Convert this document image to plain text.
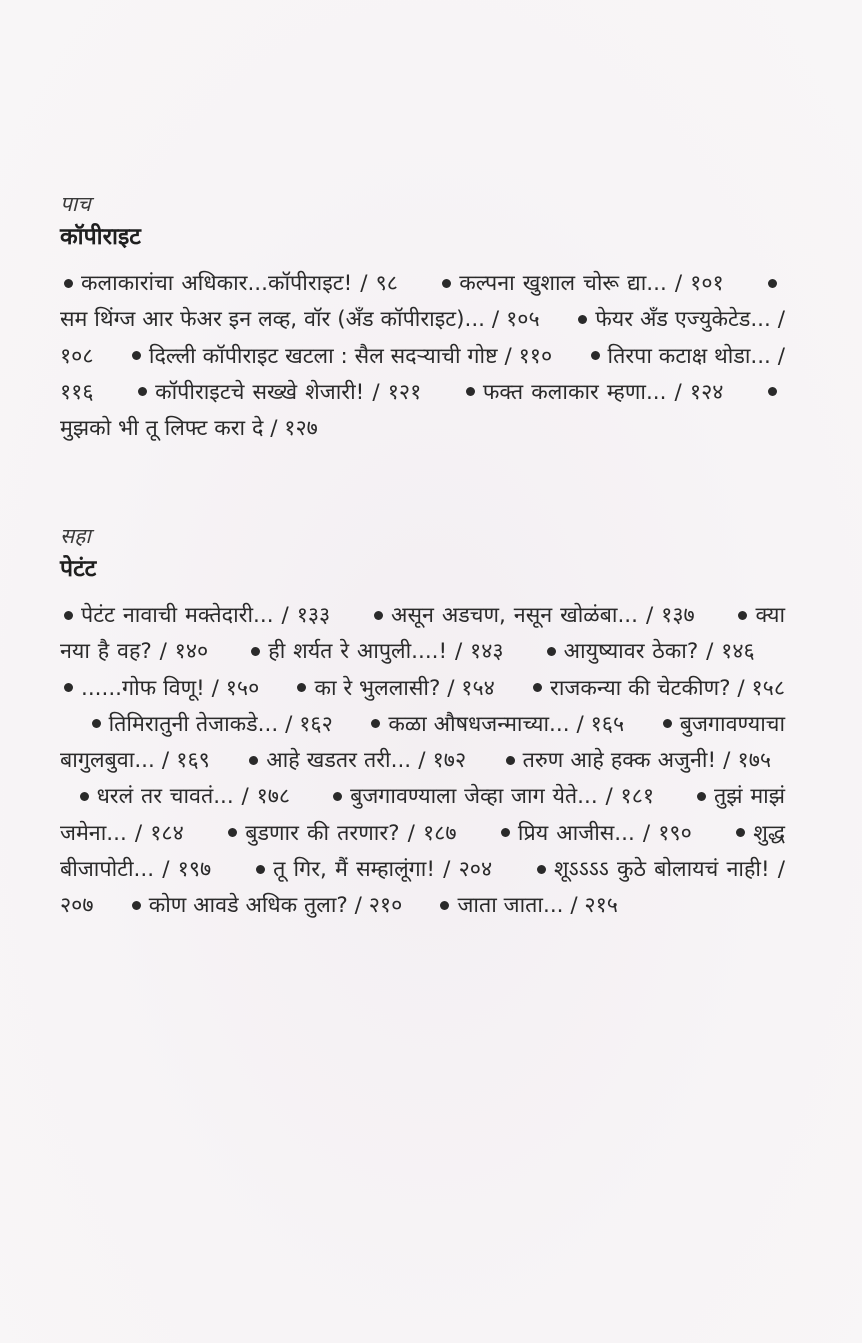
पाच

कॉपीराइट

कलाकारांचा अधिकार...कॉपीराइट! / ९८	कल्पना खुशाल चोरू द्या... / १०१     सम थिंग्ज आर फेअर इन लव्ह, वॉर (अँड कॉपीराइट)... / १०५	फेयर अँड एज्युकेटेड... / १०८	दिल्ली कॉपीराइट खटला : सैल सदऱ्याची गोष्ट / ११०	तिरपा कटाक्ष थोडा... / ११६	कॉपीराइटचे सख्खे शेजारी! / १२१	फक्त कलाकार म्हणा... / १२४     मुझको भी तू लिफ्ट करा दे / १२७

सहा

पेटंट

पेटंट नावाची मक्तेदारी... / १३३	असून अडचण, नसून खोळंबा... / १३७	क्या नया है वह? / १४०	ही शर्यत रे आपुली....! / १४३	आयुष्यावर ठेका? / १४६     ......गोफ विणू! / १५०	का रे भुललासी? / १५४	राजकन्या की चेटकीण? / १५८     तिमिरातुनी तेजाकडे... / १६२	कळा औषधजन्माच्या... / १६५	बुजगावण्याचा बागुलबुवा... / १६९	आहे खडतर तरी... / १७२	तरुण आहे हक्क अजुनी! / १७५     धरलं तर चावतं... / १७८	बुजगावण्याला जेव्हा जाग येते... / १८१	तुझं माझं जमेना... / १८४	बुडणार की तरणार? / १८७	प्रिय आजीस... / १९०	शुद्ध बीजापोटी... / १९७	तू गिर, मैं सम्हालूंगा! / २०४	शूऽऽऽऽ कुठे बोलायचं नाही! / २०७	कोण आवडे अधिक तुला? / २१०	जाता जाता... / २१५
